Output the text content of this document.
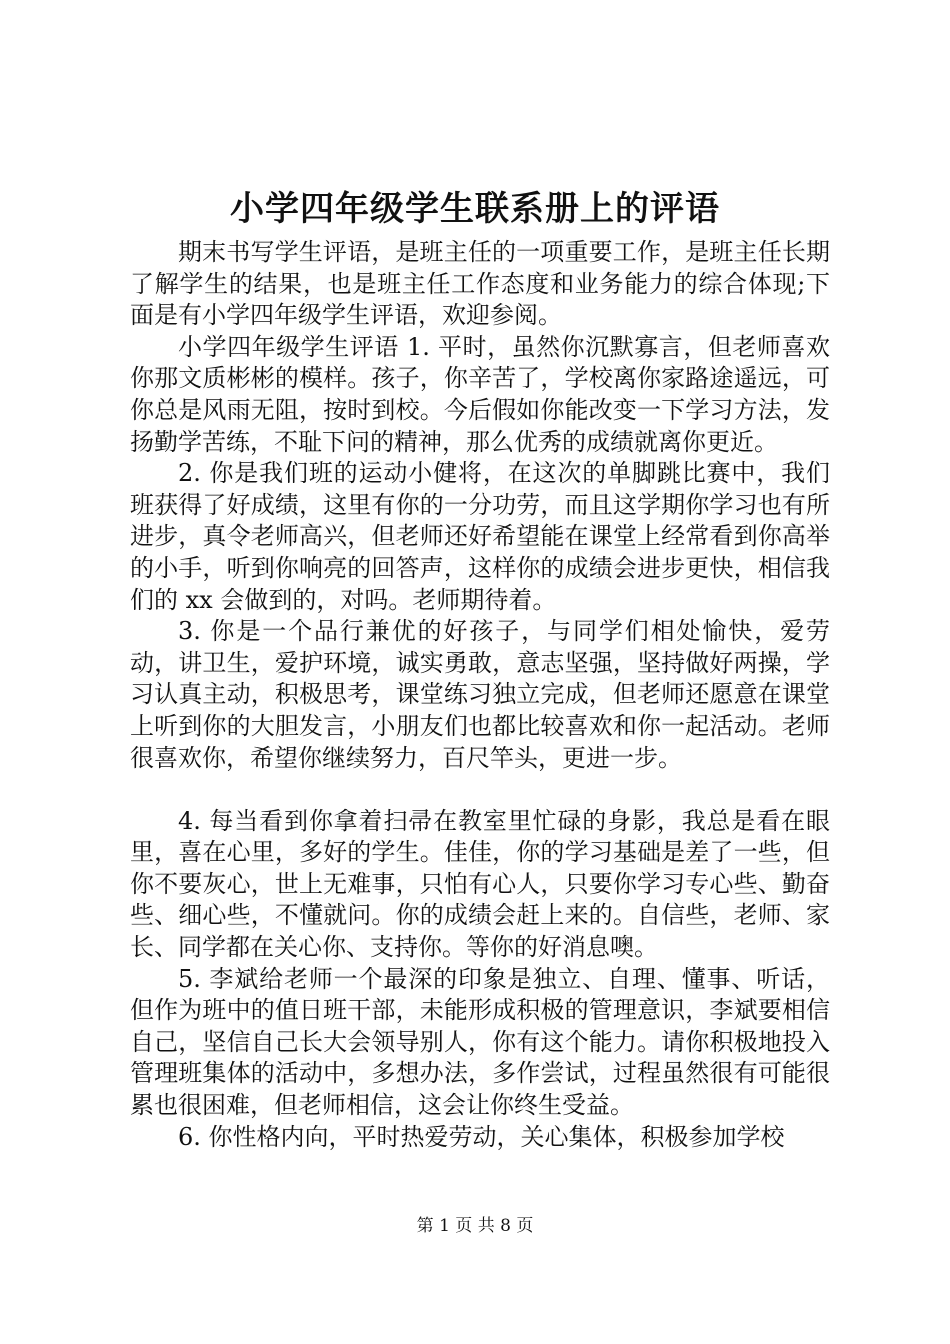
小学四年级学生联系册上的评语

期末书写学生评语，是班主任的一项重要工作，是班主任长期了解学生的结果，也是班主任工作态度和业务能力的综合体现;下面是有小学四年级学生评语，欢迎参阅。

小学四年级学生评语 1. 平时，虽然你沉默寡言，但老师喜欢你那文质彬彬的模样。孩子，你辛苦了，学校离你家路途遥远，可你总是风雨无阻，按时到校。今后假如你能改变一下学习方法，发扬勤学苦练，不耻下问的精神，那么优秀的成绩就离你更近。

2. 你是我们班的运动小健将，在这次的单脚跳比赛中，我们班获得了好成绩，这里有你的一分功劳，而且这学期你学习也有所进步，真令老师高兴，但老师还好希望能在课堂上经常看到你高举的小手，听到你响亮的回答声，这样你的成绩会进步更快，相信我们的 xx 会做到的，对吗。老师期待着。

3. 你是一个品行兼优的好孩子，与同学们相处愉快，爱劳动，讲卫生，爱护环境，诚实勇敢，意志坚强，坚持做好两操，学习认真主动，积极思考，课堂练习独立完成，但老师还愿意在课堂上听到你的大胆发言，小朋友们也都比较喜欢和你一起活动。老师很喜欢你，希望你继续努力，百尺竿头，更进一步。

4. 每当看到你拿着扫帚在教室里忙碌的身影，我总是看在眼里，喜在心里，多好的学生。佳佳，你的学习基础是差了一些，但你不要灰心，世上无难事，只怕有心人，只要你学习专心些、勤奋些、细心些，不懂就问。你的成绩会赶上来的。自信些，老师、家长、同学都在关心你、支持你。等你的好消息噢。

5. 李斌给老师一个最深的印象是独立、自理、懂事、听话，但作为班中的值日班干部，未能形成积极的管理意识，李斌要相信自己，坚信自己长大会领导别人，你有这个能力。请你积极地投入管理班集体的活动中，多想办法，多作尝试，过程虽然很有可能很累也很困难，但老师相信，这会让你终生受益。

6. 你性格内向，平时热爱劳动，关心集体，积极参加学校

第 1 页 共 8 页
